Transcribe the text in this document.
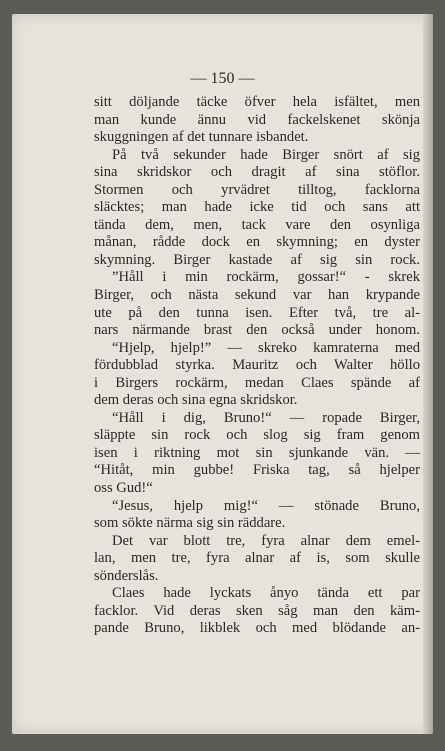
— 150 —
sitt döljande täcke öfver hela isfältet, men
man kunde ännu vid fackelskenet skönja
skuggningen af det tunnare isbandet.
På två sekunder hade Birger snört af sig
sina skridskor och dragit af sina stöflor.
Stormen och yrvädret tilltog, facklorna
släcktes; man hade icke tid och sans att
tända dem, men, tack vare den osynliga
månan, rådde dock en skymning; en dyster
skymning. Birger kastade af sig sin rock.
”Håll i min rockärm, gossar!“ - skrek
Birger, och nästa sekund var han krypande
ute på den tunna isen. Efter två, tre al-
nars närmande brast den också under honom.
“Hjelp, hjelp!” — skreko kamraterna med
fördubblad styrka. Mauritz och Walter höllo
i Birgers rockärm, medan Claes spände af
dem deras och sina egna skridskor.
“Håll i dig, Bruno!“ — ropade Birger,
släppte sin rock och slog sig fram genom
isen i riktning mot sin sjunkande vän. —
“Hitåt, min gubbe! Friska tag, så hjelper
oss Gud!“
“Jesus, hjelp mig!“ — stönade Bruno,
som sökte närma sig sin räddare.
Det var blott tre, fyra alnar dem emel-
lan, men tre, fyra alnar af is, som skulle
sönderslås.
Claes hade lyckats ånyo tända ett par
facklor. Vid deras sken såg man den käm-
pande Bruno, likblek och med blödande an-
